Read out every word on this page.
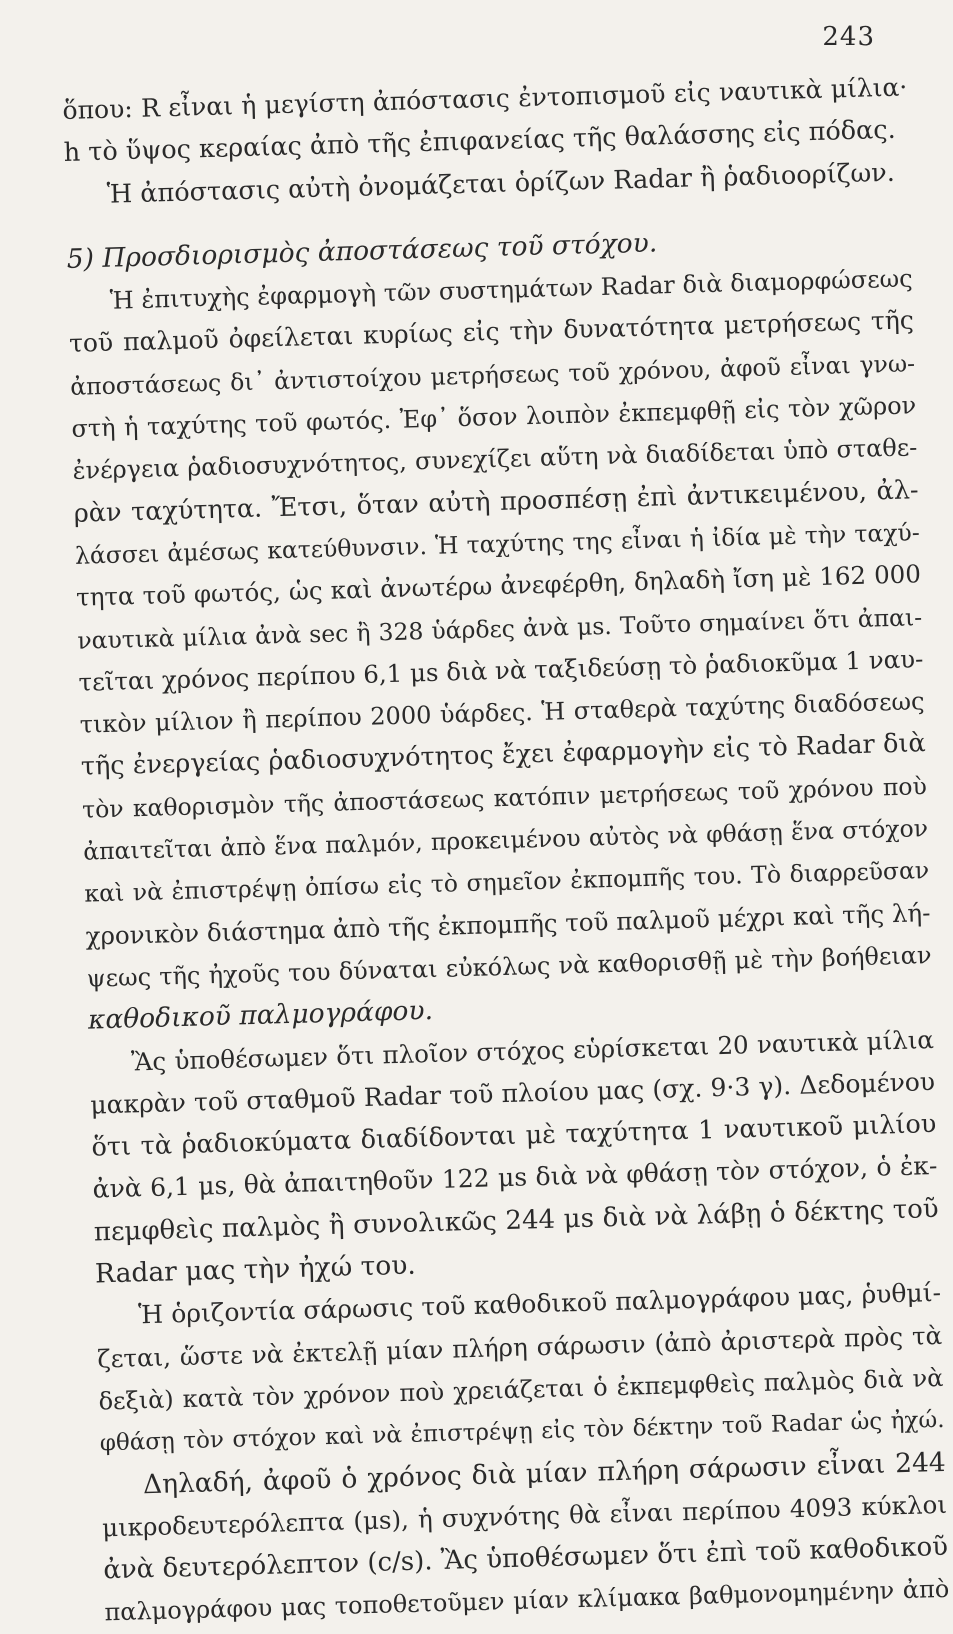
243
ὅπου: R εἶναι ἡ μεγίστη ἀπόστασις ἐντοπισμοῦ εἰς ναυτικὰ μίλια·
h τὸ ὕψος κεραίας ἀπὸ τῆς ἐπιφανείας τῆς θαλάσσης εἰς πόδας.
Ἡ ἀπόστασις αὐτὴ ὀνομάζεται ὁρίζων Radar ἢ ῥαδιοορίζων.
5) Προσδιορισμὸς ἀποστάσεως τοῦ στόχου.
Ἡ ἐπιτυχὴς ἐφαρμογὴ τῶν συστημάτων Radar διὰ διαμορφώσεως
τοῦ παλμοῦ ὀφείλεται κυρίως εἰς τὴν δυνατότητα μετρήσεως τῆς
ἀποστάσεως δι᾽ ἀντιστοίχου μετρήσεως τοῦ χρόνου, ἀφοῦ εἶναι γνω-
στὴ ἡ ταχύτης τοῦ φωτός. Ἐφ᾽ ὅσον λοιπὸν ἐκπεμφθῇ εἰς τὸν χῶρον
ἐνέργεια ῥαδιοσυχνότητος, συνεχίζει αὕτη νὰ διαδίδεται ὑπὸ σταθε-
ρὰν ταχύτητα. Ἔτσι, ὅταν αὐτὴ προσπέσῃ ἐπὶ ἀντικειμένου, ἀλ-
λάσσει ἀμέσως κατεύθυνσιν. Ἡ ταχύτης της εἶναι ἡ ἰδία μὲ τὴν ταχύ-
τητα τοῦ φωτός, ὡς καὶ ἀνωτέρω ἀνεφέρθη, δηλαδὴ ἴση μὲ 162 000
ναυτικὰ μίλια ἀνὰ sec ἢ 328 ὑάρδες ἀνὰ μs. Τοῦτο σημαίνει ὅτι ἀπαι-
τεῖται χρόνος περίπου 6,1 μs διὰ νὰ ταξιδεύσῃ τὸ ῥαδιοκῦμα 1 ναυ-
τικὸν μίλιον ἢ περίπου 2000 ὑάρδες. Ἡ σταθερὰ ταχύτης διαδόσεως
τῆς ἐνεργείας ῥαδιοσυχνότητος ἔχει ἐφαρμογὴν εἰς τὸ Radar διὰ
τὸν καθορισμὸν τῆς ἀποστάσεως κατόπιν μετρήσεως τοῦ χρόνου ποὺ
ἀπαιτεῖται ἀπὸ ἕνα παλμόν, προκειμένου αὐτὸς νὰ φθάσῃ ἕνα στόχον
καὶ νὰ ἐπιστρέψῃ ὀπίσω εἰς τὸ σημεῖον ἐκπομπῆς του. Τὸ διαρρεῦσαν
χρονικὸν διάστημα ἀπὸ τῆς ἐκπομπῆς τοῦ παλμοῦ μέχρι καὶ τῆς λή-
ψεως τῆς ἠχοῦς του δύναται εὐκόλως νὰ καθορισθῇ μὲ τὴν βοήθειαν
καθοδικοῦ παλμογράφου.
Ἂς ὑποθέσωμεν ὅτι πλοῖον στόχος εὑρίσκεται 20 ναυτικὰ μίλια
μακρὰν τοῦ σταθμοῦ Radar τοῦ πλοίου μας (σχ. 9·3 γ). Δεδομένου
ὅτι τὰ ῥαδιοκύματα διαδίδονται μὲ ταχύτητα 1 ναυτικοῦ μιλίου
ἀνὰ 6,1 μs, θὰ ἀπαιτηθοῦν 122 μs διὰ νὰ φθάσῃ τὸν στόχον, ὁ ἐκ-
πεμφθεὶς παλμὸς ἢ συνολικῶς 244 μs διὰ νὰ λάβῃ ὁ δέκτης τοῦ
Radar μας τὴν ἠχώ του.
Ἡ ὁριζοντία σάρωσις τοῦ καθοδικοῦ παλμογράφου μας, ῥυθμί-
ζεται, ὥστε νὰ ἐκτελῇ μίαν πλήρη σάρωσιν (ἀπὸ ἀριστερὰ πρὸς τὰ
δεξιὰ) κατὰ τὸν χρόνον ποὺ χρειάζεται ὁ ἐκπεμφθεὶς παλμὸς διὰ νὰ
φθάσῃ τὸν στόχον καὶ νὰ ἐπιστρέψῃ εἰς τὸν δέκτην τοῦ Radar ὡς ἠχώ.
Δηλαδή, ἀφοῦ ὁ χρόνος διὰ μίαν πλήρη σάρωσιν εἶναι 244
μικροδευτερόλεπτα (μs), ἡ συχνότης θὰ εἶναι περίπου 4093 κύκλοι
ἀνὰ δευτερόλεπτον (c/s). Ἂς ὑποθέσωμεν ὅτι ἐπὶ τοῦ καθοδικοῦ
παλμογράφου μας τοποθετοῦμεν μίαν κλίμακα βαθμονομημένην ἀπὸ
